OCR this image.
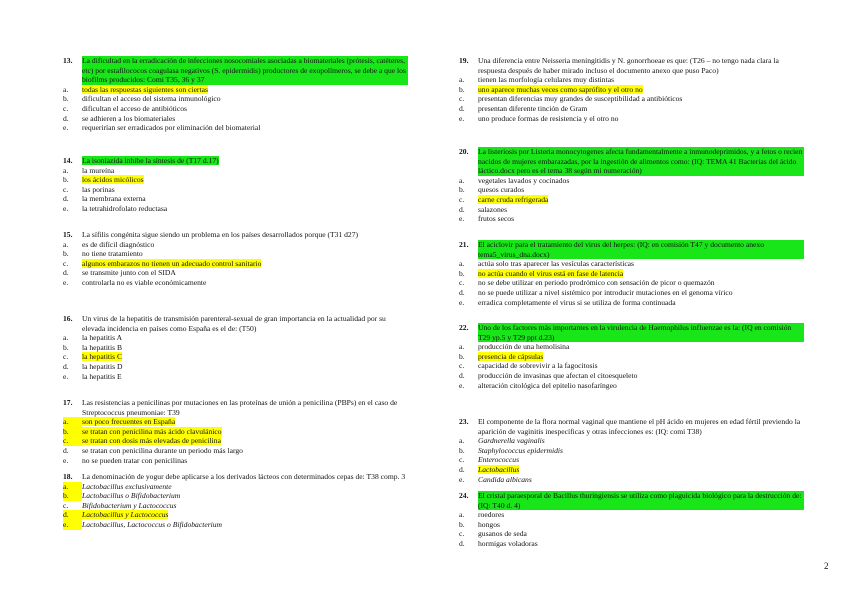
13.	La dificultad en la erradicación de infecciones nosocomiales asociadas a biomateriales (prótesis, catéteres, etc) por estafilococos coagulasa negativos (S. epidermidis) productores de exopolímeros, se debe a que los biofilms producidos: Comi T35, 36 y 37
a.	todas las respuestas siguientes son ciertas
b.	dificultan el acceso del sistema inmunológico
c.	dificultan el acceso de antibióticos
d.	se adhieren a los biomateriales
e.	requerirían ser erradicados por eliminación del biomaterial
14.	La isoniazida inhibe la síntesis de (T17 d.17)
a.	la mureína
b.	los ácidos micólicos
c.	las porinas
d.	la membrana externa
e.	la tetrahidrofolato reductasa
15.	La sífilis congénita sigue siendo un problema en los países desarrollados porque (T31 d27)
a.	es de difícil diagnóstico
b.	no tiene tratamiento
c.	algunos embarazos no tienen un adecuado control sanitario
d.	se transmite junto con el SIDA
e.	controlarla no es viable económicamente
16.	Un virus de la hepatitis de transmisión parenteral-sexual de gran importancia en la actualidad por su elevada incidencia en países como España es el de: (T50)
a.	la hepatitis A
b.	la hepatitis B
c.	la hepatitis C
d.	la hepatitis D
e.	la hepatitis E
17.	Las resistencias a penicilinas por mutaciones en las proteínas de unión a penicilina (PBPs) en el caso de Streptococcus pneumoniae: T39
a.	son poco frecuentes en España
b.	se tratan con penicilina más ácido clavulánico
c.	se tratan con dosis más elevadas de penicilina
d.	se tratan con penicilina durante un periodo más largo
e.	no se pueden tratar con penicilinas
18.	La denominación de yogur debe aplicarse a los derivados lácteos con determinados cepas de: T38 comp. 3
a.	Lactobacillus exclusivamente
b.	Lactobacillus o Bifidobacterium
c.	Bifidobacterium y Lactococcus
d.	Lactobacillus y Lactococcus
e.	Lactobacillus, Lactococcus o Bifidobacterium
19.	Una diferencia entre Neisseria meningitidis y N. gonorrhoeae es que: (T26 – no tengo nada clara la respuesta después de haber mirado incluso el documento anexo que puso Paco)
a.	tienen las morfología celulares muy distintas
b.	uno aparece muchas veces como saprófito y el otro no
c.	presentan diferencias muy grandes de susceptibilidad a antibióticos
d.	presentan diferente tinción de Gram
e.	uno produce formas de resistencia y el otro no
20.	La listeriosis por Listeria monocytogenes afecta fundamentalmente a inmunodeprimidos, y a fetos o recien nacidos de mujeres embarazadas, por la ingestión de alimentos como: (IQ: TEMA 41 Bacterias del ácido láctico.docx pero es el tema 38 según mi numeración)
a.	vegetales lavados y cocinados
b.	quesos curados
c.	carne cruda refrigerada
d.	salazones
e.	frutos secos
21.	El aciclovir para el tratamiento del virus del herpes: (IQ: en comisión T47 y documento anexo tema5_virus_dna.docx)
a.	actúa solo tras aparecer las vesículas características
b.	no actúa cuando el virus está en fase de latencia
c.	no se debe utilizar en periodo prodrómico con sensación de picor o quemazón
d.	no se puede utilizar a nivel sistémico por introducir mutaciones en el genoma vírico
e.	erradica completamente el virus si se utiliza de forma continuada
22.	Uno de los factores más importantes en la virulencia de Haemophilus influenzae es la: (IQ en comisión T29 yp.5 y T29 ppt d.23)
a.	producción de una hemolisina
b.	presencia de cápsulas
c.	capacidad de sobrevivir a la fagocitosis
d.	producción de invasinas que afectan el citoesqueleto
e.	alteración citológica del epitelio nasofaríngeo
23.	El componente de la flora normal vaginal que mantiene el pH ácido en mujeres en edad fértil previendo la aparición de vaginitis inespecíficas y otras infecciones es: (IQ: comi T38)
a.	Gardnerella vaginalis
b.	Staphylococcus epidermidis
c.	Enterococcus
d.	Lactobacillus
e.	Candida albicans
24.	El cristal paraesporal de Bacillus thuringiensis se utiliza como plaguicida biológico para la destrucción de: (IQ: T40 d. 4)
a.	roedores
b.	hongos
c.	gusanos de seda
d.	hormigas voladoras
2
